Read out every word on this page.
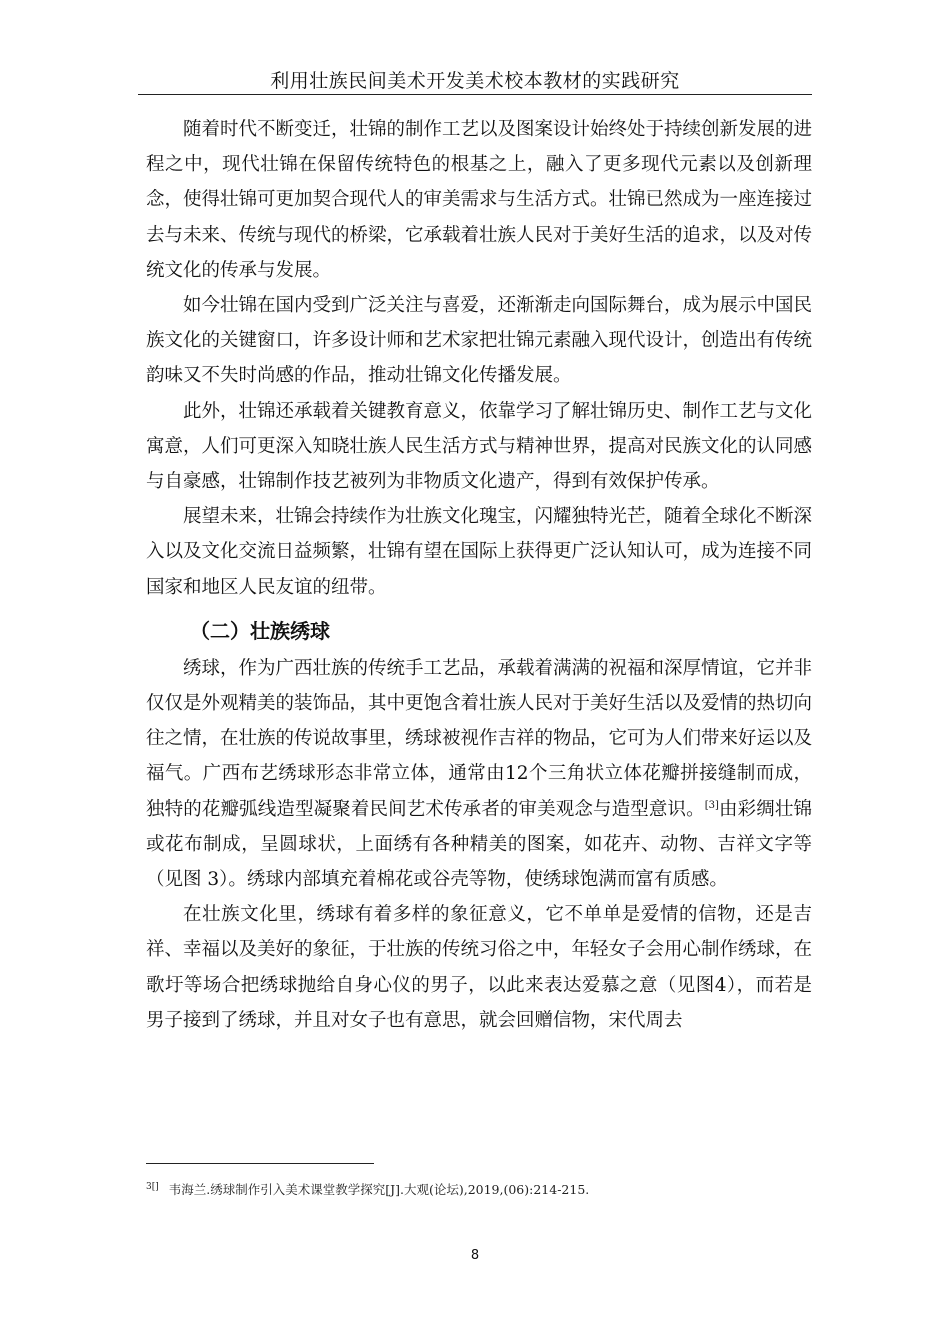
利用壮族民间美术开发美术校本教材的实践研究

随着时代不断变迁，壮锦的制作工艺以及图案设计始终处于持续创新发展的进程之中，现代壮锦在保留传统特色的根基之上，融入了更多现代元素以及创新理念，使得壮锦可更加契合现代人的审美需求与生活方式。壮锦已然成为一座连接过去与未来、传统与现代的桥梁，它承载着壮族人民对于美好生活的追求，以及对传统文化的传承与发展。

如今壮锦在国内受到广泛关注与喜爱，还渐渐走向国际舞台，成为展示中国民族文化的关键窗口，许多设计师和艺术家把壮锦元素融入现代设计，创造出有传统韵味又不失时尚感的作品，推动壮锦文化传播发展。

此外，壮锦还承载着关键教育意义，依靠学习了解壮锦历史、制作工艺与文化寓意，人们可更深入知晓壮族人民生活方式与精神世界，提高对民族文化的认同感与自豪感，壮锦制作技艺被列为非物质文化遗产，得到有效保护传承。

展望未来，壮锦会持续作为壮族文化瑰宝，闪耀独特光芒，随着全球化不断深入以及文化交流日益频繁，壮锦有望在国际上获得更广泛认知认可，成为连接不同国家和地区人民友谊的纽带。

（二）壮族绣球

绣球，作为广西壮族的传统手工艺品，承载着满满的祝福和深厚情谊，它并非仅仅是外观精美的装饰品，其中更饱含着壮族人民对于美好生活以及爱情的热切向往之情，在壮族的传说故事里，绣球被视作吉祥的物品，它可为人们带来好运以及福气。广西布艺绣球形态非常立体，通常由12个三角状立体花瓣拼接缝制而成，独特的花瓣弧线造型凝聚着民间艺术传承者的审美观念与造型意识。[3]由彩绸壮锦或花布制成，呈圆球状，上面绣有各种精美的图案，如花卉、动物、吉祥文字等（见图 3）。绣球内部填充着棉花或谷壳等物，使绣球饱满而富有质感。

在壮族文化里，绣球有着多样的象征意义，它不单单是爱情的信物，还是吉祥、幸福以及美好的象征，于壮族的传统习俗之中，年轻女子会用心制作绣球，在歌圩等场合把绣球抛给自身心仪的男子，以此来表达爱慕之意（见图4），而若是男子接到了绣球，并且对女子也有意思，就会回赠信物，宋代周去

$^{3[]}$ 韦海兰.绣球制作引入美术课堂教学探究[J].大观(论坛),2019,(06):214-215.
8
